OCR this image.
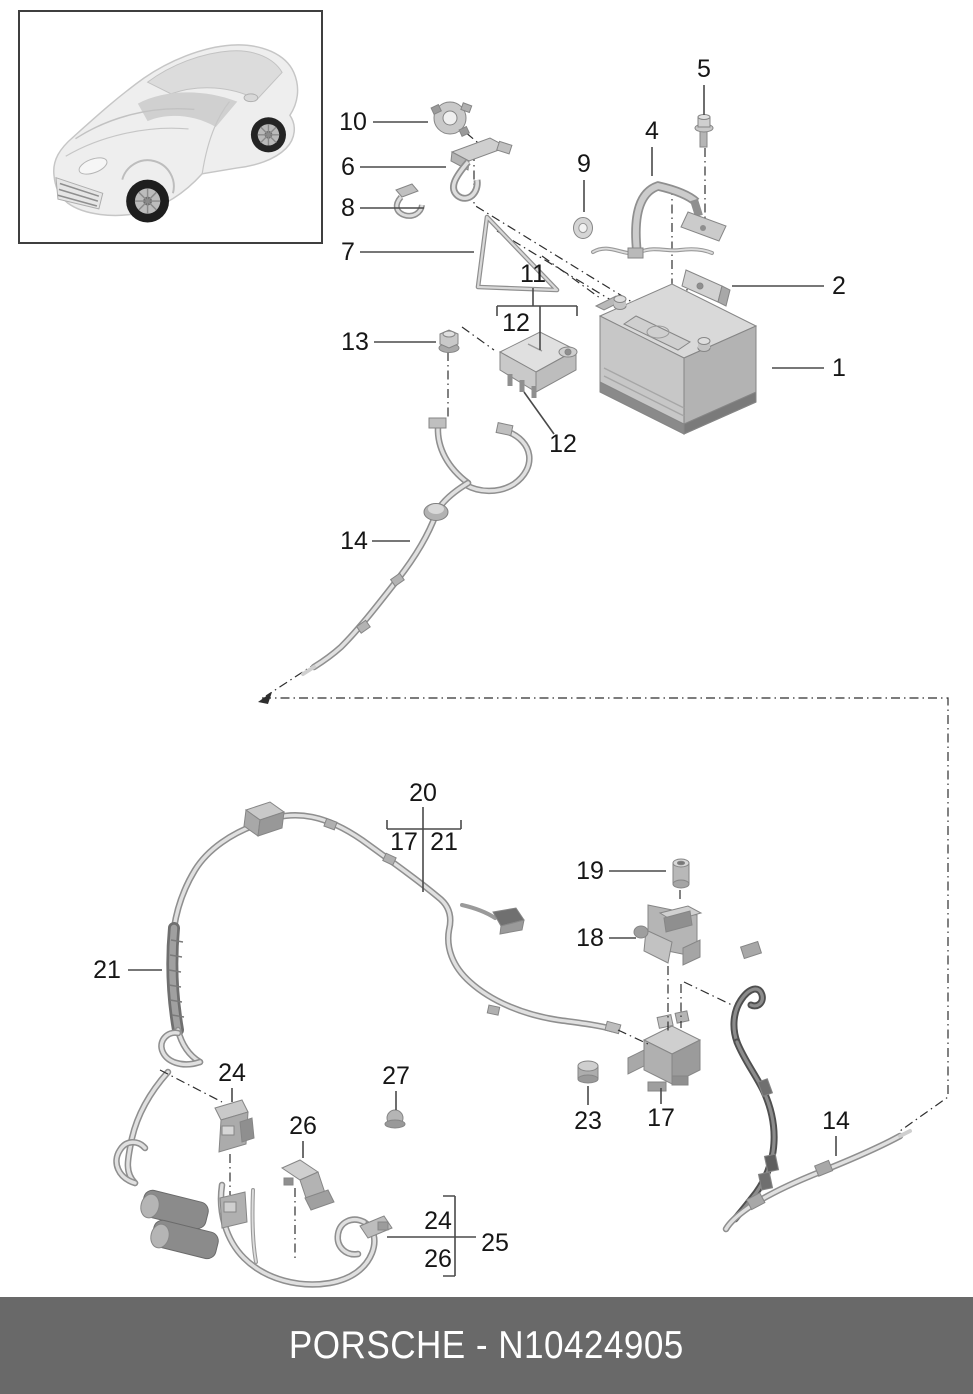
10
6
8
7
9
5
4
2
1
13
11
12
12
14
20
17 21
19
18
21
24	27
26	23 17	14
24
26
25
PORSCHE - N10424905
